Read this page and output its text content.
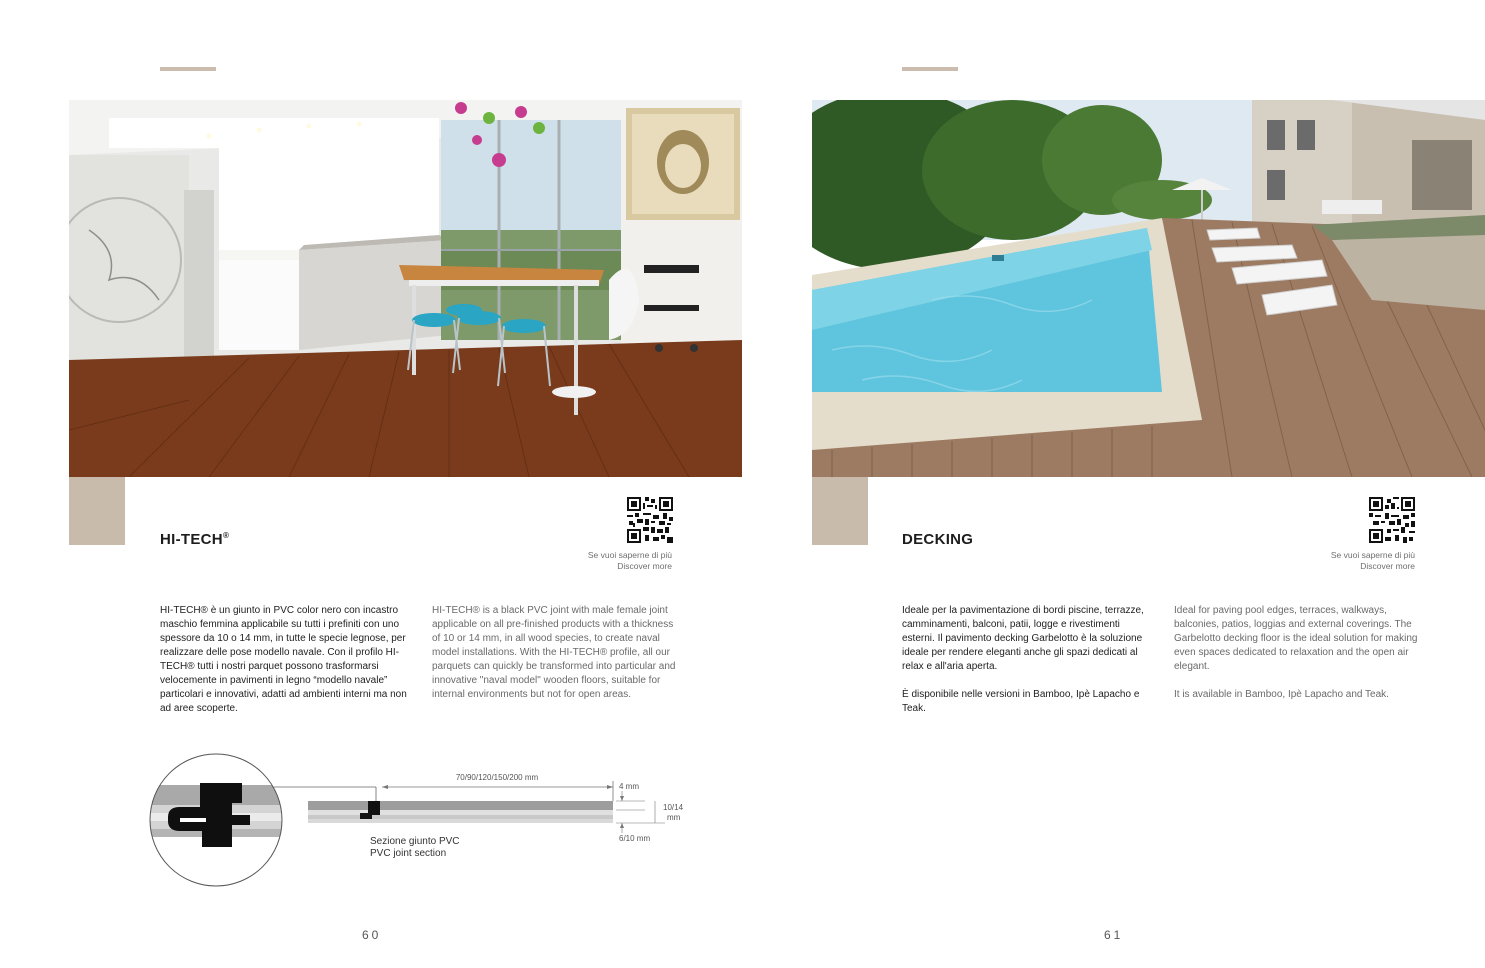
HI-TECH®
Se vuoi saperne di più
Discover more

HI-TECH® è un giunto in PVC color nero con incastro maschio femmina applicabile su tutti i prefiniti con uno spessore da 10 o 14 mm, in tutte le specie legnose, per realizzare delle pose modello navale. Con il profilo HI-TECH® tutti i nostri parquet possono trasformarsi velocemente in pavimenti in legno “modello navale” particolari e innovativi, adatti ad ambienti interni ma non ad aree scoperte.

HI-TECH® is a black PVC joint with male female joint applicable on all pre-finished products with a thickness of 10 or 14 mm, in all wood species, to create naval model installations. With the HI-TECH® profile, all our parquets can quickly be transformed into particular and innovative "naval model" wooden floors, suitable for internal environments but not for open areas.

70/90/120/150/200 mm
4 mm
10/14
mm
6/10 mm
Sezione giunto PVC
PVC joint section
60
DECKING
Se vuoi saperne di più
Discover more

Ideale per la pavimentazione di bordi piscine, terrazze, camminamenti, balconi, patii, logge e rivestimenti esterni. Il pavimento decking Garbelotto è la soluzione ideale per rendere eleganti anche gli spazi dedicati al relax e all'aria aperta.

È disponibile nelle versioni in Bamboo, Ipè Lapacho e Teak.

Ideal for paving pool edges, terraces, walkways, balconies, patios, loggias and external coverings. The Garbelotto decking floor is the ideal solution for making even spaces dedicated to relaxation and the open air elegant.

It is available in Bamboo, Ipè Lapacho and Teak.

61
